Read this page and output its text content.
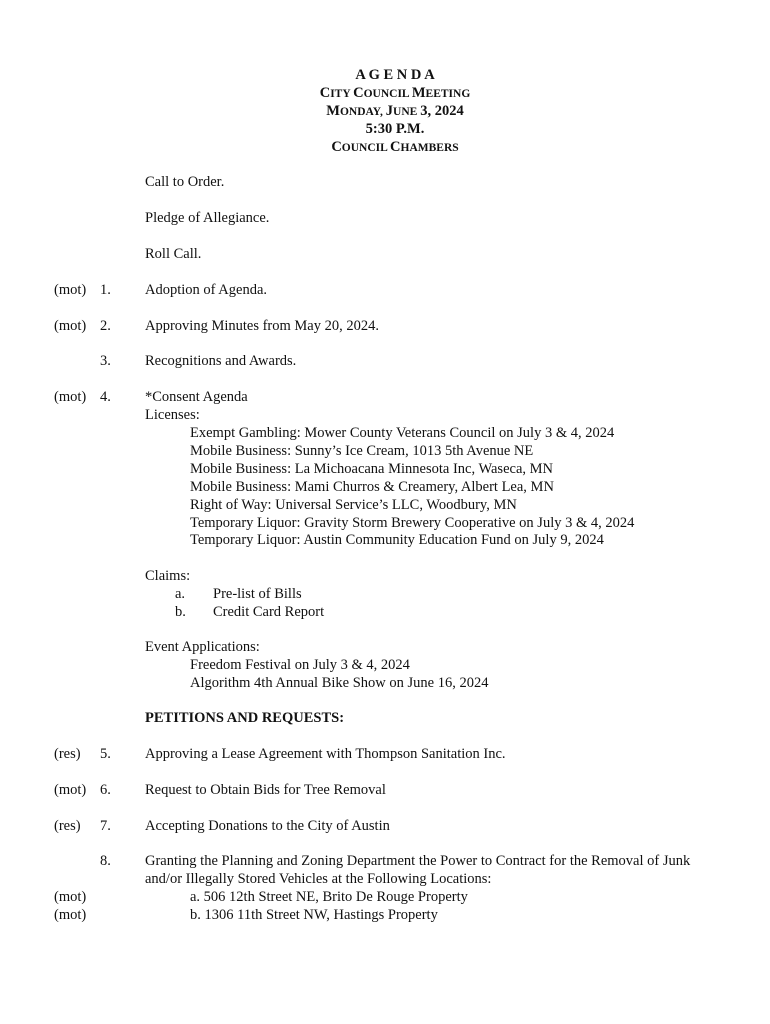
A G E N D A
CITY COUNCIL MEETING
MONDAY, JUNE 3, 2024
5:30 P.M.
COUNCIL CHAMBERS
Call to Order.
Pledge of Allegiance.
Roll Call.
(mot) 1. Adoption of Agenda.
(mot) 2. Approving Minutes from May 20, 2024.
3. Recognitions and Awards.
(mot) 4. *Consent Agenda
Licenses:
Exempt Gambling: Mower County Veterans Council on July 3 & 4, 2024
Mobile Business: Sunny’s Ice Cream, 1013 5th Avenue NE
Mobile Business: La Michoacana Minnesota Inc, Waseca, MN
Mobile Business: Mami Churros & Creamery, Albert Lea, MN
Right of Way: Universal Service’s LLC, Woodbury, MN
Temporary Liquor: Gravity Storm Brewery Cooperative on July 3 & 4, 2024
Temporary Liquor: Austin Community Education Fund on July 9, 2024
Claims:
a. Pre-list of Bills
b. Credit Card Report
Event Applications:
Freedom Festival on July 3 & 4, 2024
Algorithm 4th Annual Bike Show on June 16, 2024
PETITIONS AND REQUESTS:
(res) 5. Approving a Lease Agreement with Thompson Sanitation Inc.
(mot) 6. Request to Obtain Bids for Tree Removal
(res) 7. Accepting Donations to the City of Austin
8. Granting the Planning and Zoning Department the Power to Contract for the Removal of Junk
and/or Illegally Stored Vehicles at the Following Locations:
(mot)	a. 506 12th Street NE, Brito De Rouge Property
(mot)	b. 1306 11th Street NW, Hastings Property
